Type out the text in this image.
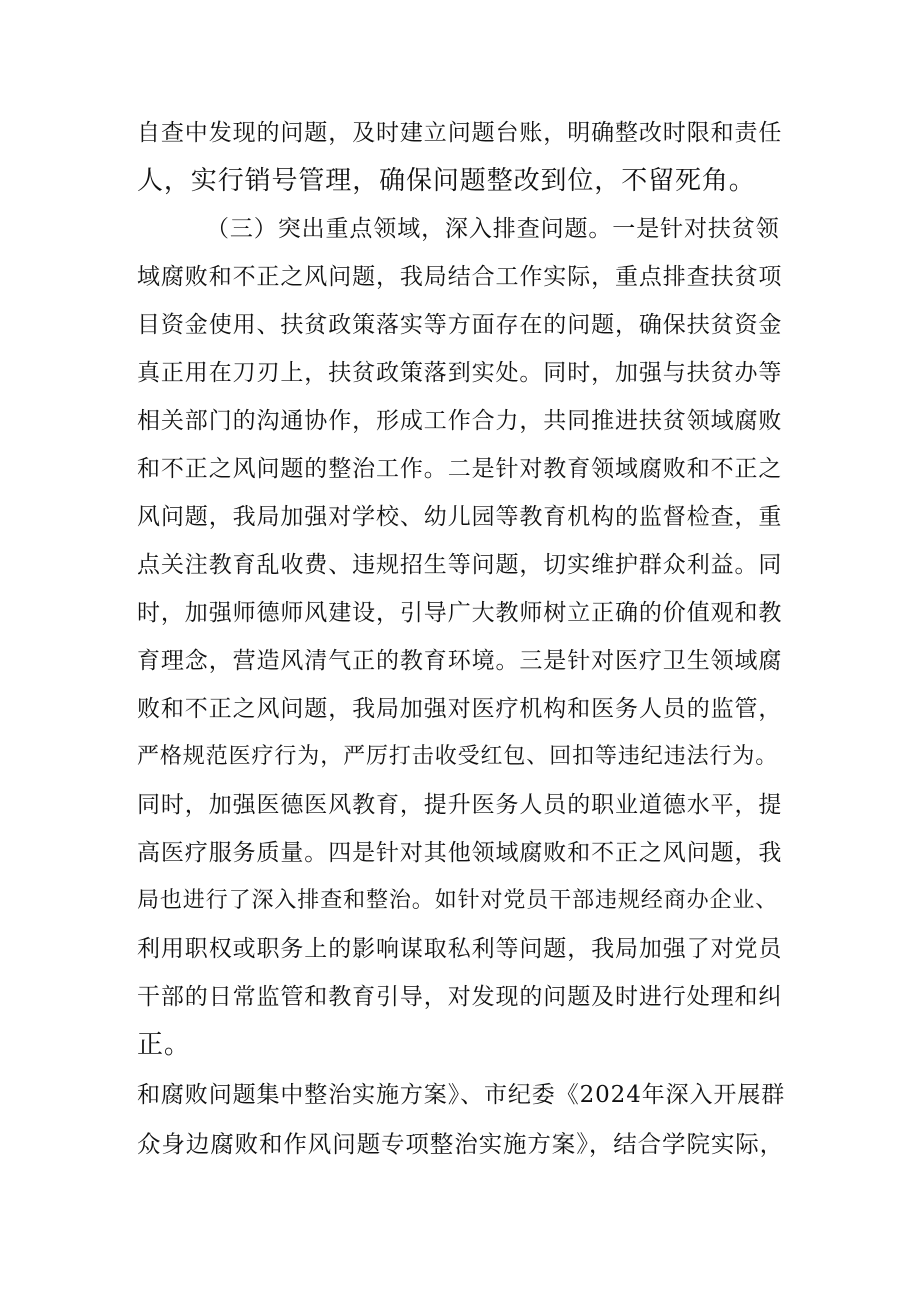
自查中发现的问题，及时建立问题台账，明确整改时限和责任
人，实行销号管理，确保问题整改到位，不留死角。
（三）突出重点领域，深入排查问题。一是针对扶贫领
域腐败和不正之风问题，我局结合工作实际，重点排查扶贫项
目资金使用、扶贫政策落实等方面存在的问题，确保扶贫资金
真正用在刀刃上，扶贫政策落到实处。同时，加强与扶贫办等
相关部门的沟通协作，形成工作合力，共同推进扶贫领域腐败
和不正之风问题的整治工作。二是针对教育领域腐败和不正之
风问题，我局加强对学校、幼儿园等教育机构的监督检查，重
点关注教育乱收费、违规招生等问题，切实维护群众利益。同
时，加强师德师风建设，引导广大教师树立正确的价值观和教
育理念，营造风清气正的教育环境。三是针对医疗卫生领域腐
败和不正之风问题，我局加强对医疗机构和医务人员的监管，
严格规范医疗行为，严厉打击收受红包、回扣等违纪违法行为。
同时，加强医德医风教育，提升医务人员的职业道德水平，提
高医疗服务质量。四是针对其他领域腐败和不正之风问题，我
局也进行了深入排查和整治。如针对党员干部违规经商办企业、
利用职权或职务上的影响谋取私利等问题，我局加强了对党员
干部的日常监管和教育引导，对发现的问题及时进行处理和纠
正。
和腐败问题集中整治实施方案》、市纪委《2024年深入开展群
众身边腐败和作风问题专项整治实施方案》，结合学院实际，
